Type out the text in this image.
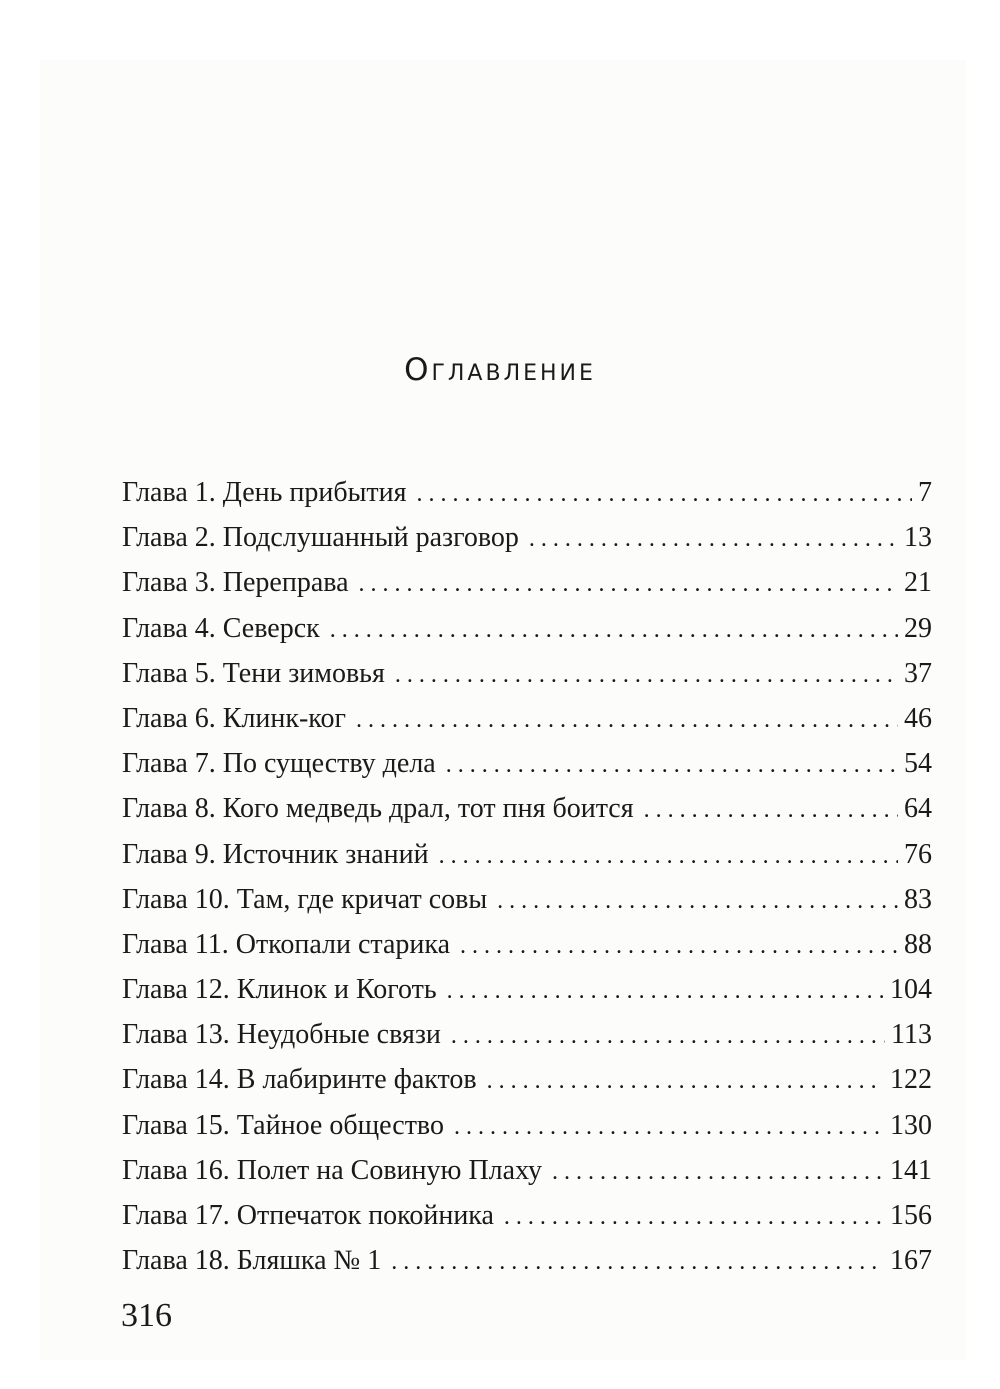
Оглавление
Глава 1. День прибытия . . .	7
Глава 2. Подслушанный разговор . . .	13
Глава 3. Переправа . . .	21
Глава 4. Северск . . .	29
Глава 5. Тени зимовья . . .	37
Глава 6. Клинк-ког . . .	46
Глава 7. По существу дела . . .	54
Глава 8. Кого медведь драл, тот пня боится . . .	64
Глава 9. Источник знаний . . .	76
Глава 10. Там, где кричат совы . . .	83
Глава 11. Откопали старика . . .	88
Глава 12. Клинок и Коготь . . .	104
Глава 13. Неудобные связи . . .	113
Глава 14. В лабиринте фактов . . .	122
Глава 15. Тайное общество . . .	130
Глава 16. Полет на Совиную Плаху . . .	141
Глава 17. Отпечаток покойника . . .	156
Глава 18. Бляшка № 1 . . .	167
316
